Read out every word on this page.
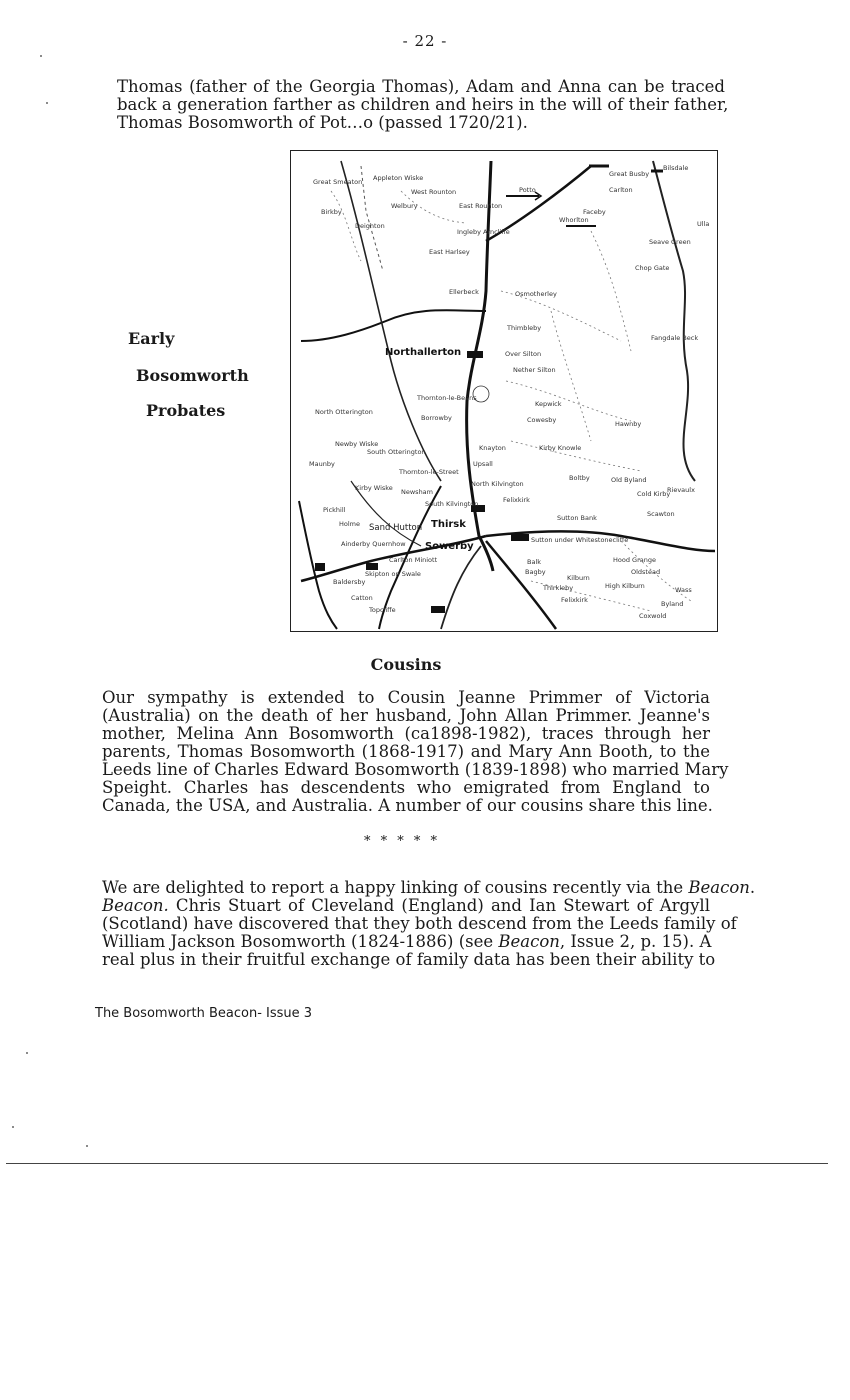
- 22 -
Thomas (father of the Georgia Thomas), Adam and Anna can be traced
back a generation farther as children and heirs in the will of their father,
Thomas Bosomworth of Pot…o (passed 1720/21).
Early
Bosomworth
Probates
Great Smeaton Appleton Wiske
West Rounton
East Rounton
Potto
Great Busby
Carlton
Ingleby Arncliffe
Faceby
Whorlton
Birkby
Welbury
Deighton
East Harlsey
Seave Green
Chop Gate
Ellerbeck	Osmotherley
Thimbleby
Fangdale Beck
Northallerton	Over Silton
Nether Silton
Kepwick
Cowesby	Hawnby
Thornton-le-Beans
North Otterington
Borrowby
Knayton	Kirby Knowle
Newby Wiske
South Otterington
Upsall
Boltby	Old Byland
Maunby
Thornton-le-Street
North Kilvington
Felixkirk
Cold Kirby
Rievaulx
Kirby Wiske Newsham
South Kilvington
Scawton
Pickhill
Sutton Bank
Holme Sand Hutton Thirsk
Sutton under Whitestonecliffe
Ainderby Quernhow Sowerby
Balk
Carlton Miniott	Hood Grange
Skipton on Swale	Bagby
Baldersby
Catton
Kilburn
High Kilburn
Thirkleby
Oldstead
Wass
Coxwold
Byland
Topcliffe
Felixkirk
Ulla
Bilsdale
Cousins
Our sympathy is extended to Cousin Jeanne Primmer of Victoria
(Australia) on the death of her husband, John Allan Primmer. Jeanne's
mother, Melina Ann Bosomworth (ca1898-1982), traces through her
parents, Thomas Bosomworth (1868-1917) and Mary Ann Booth, to the
Leeds line of Charles Edward Bosomworth (1839-1898) who married Mary
Speight. Charles has descendents who emigrated from England to
Canada, the USA, and Australia. A number of our cousins share this line.
* * * * *
We are delighted to report a happy linking of cousins recently via the Beacon.
Beacon. Chris Stuart of Cleveland (England) and Ian Stewart of Argyll
(Scotland) have discovered that they both descend from the Leeds family of
William Jackson Bosomworth (1824-1886) (see Beacon, Issue 2, p. 15). A
real plus in their fruitful exchange of family data has been their ability to
The Bosomworth Beacon- Issue 3
